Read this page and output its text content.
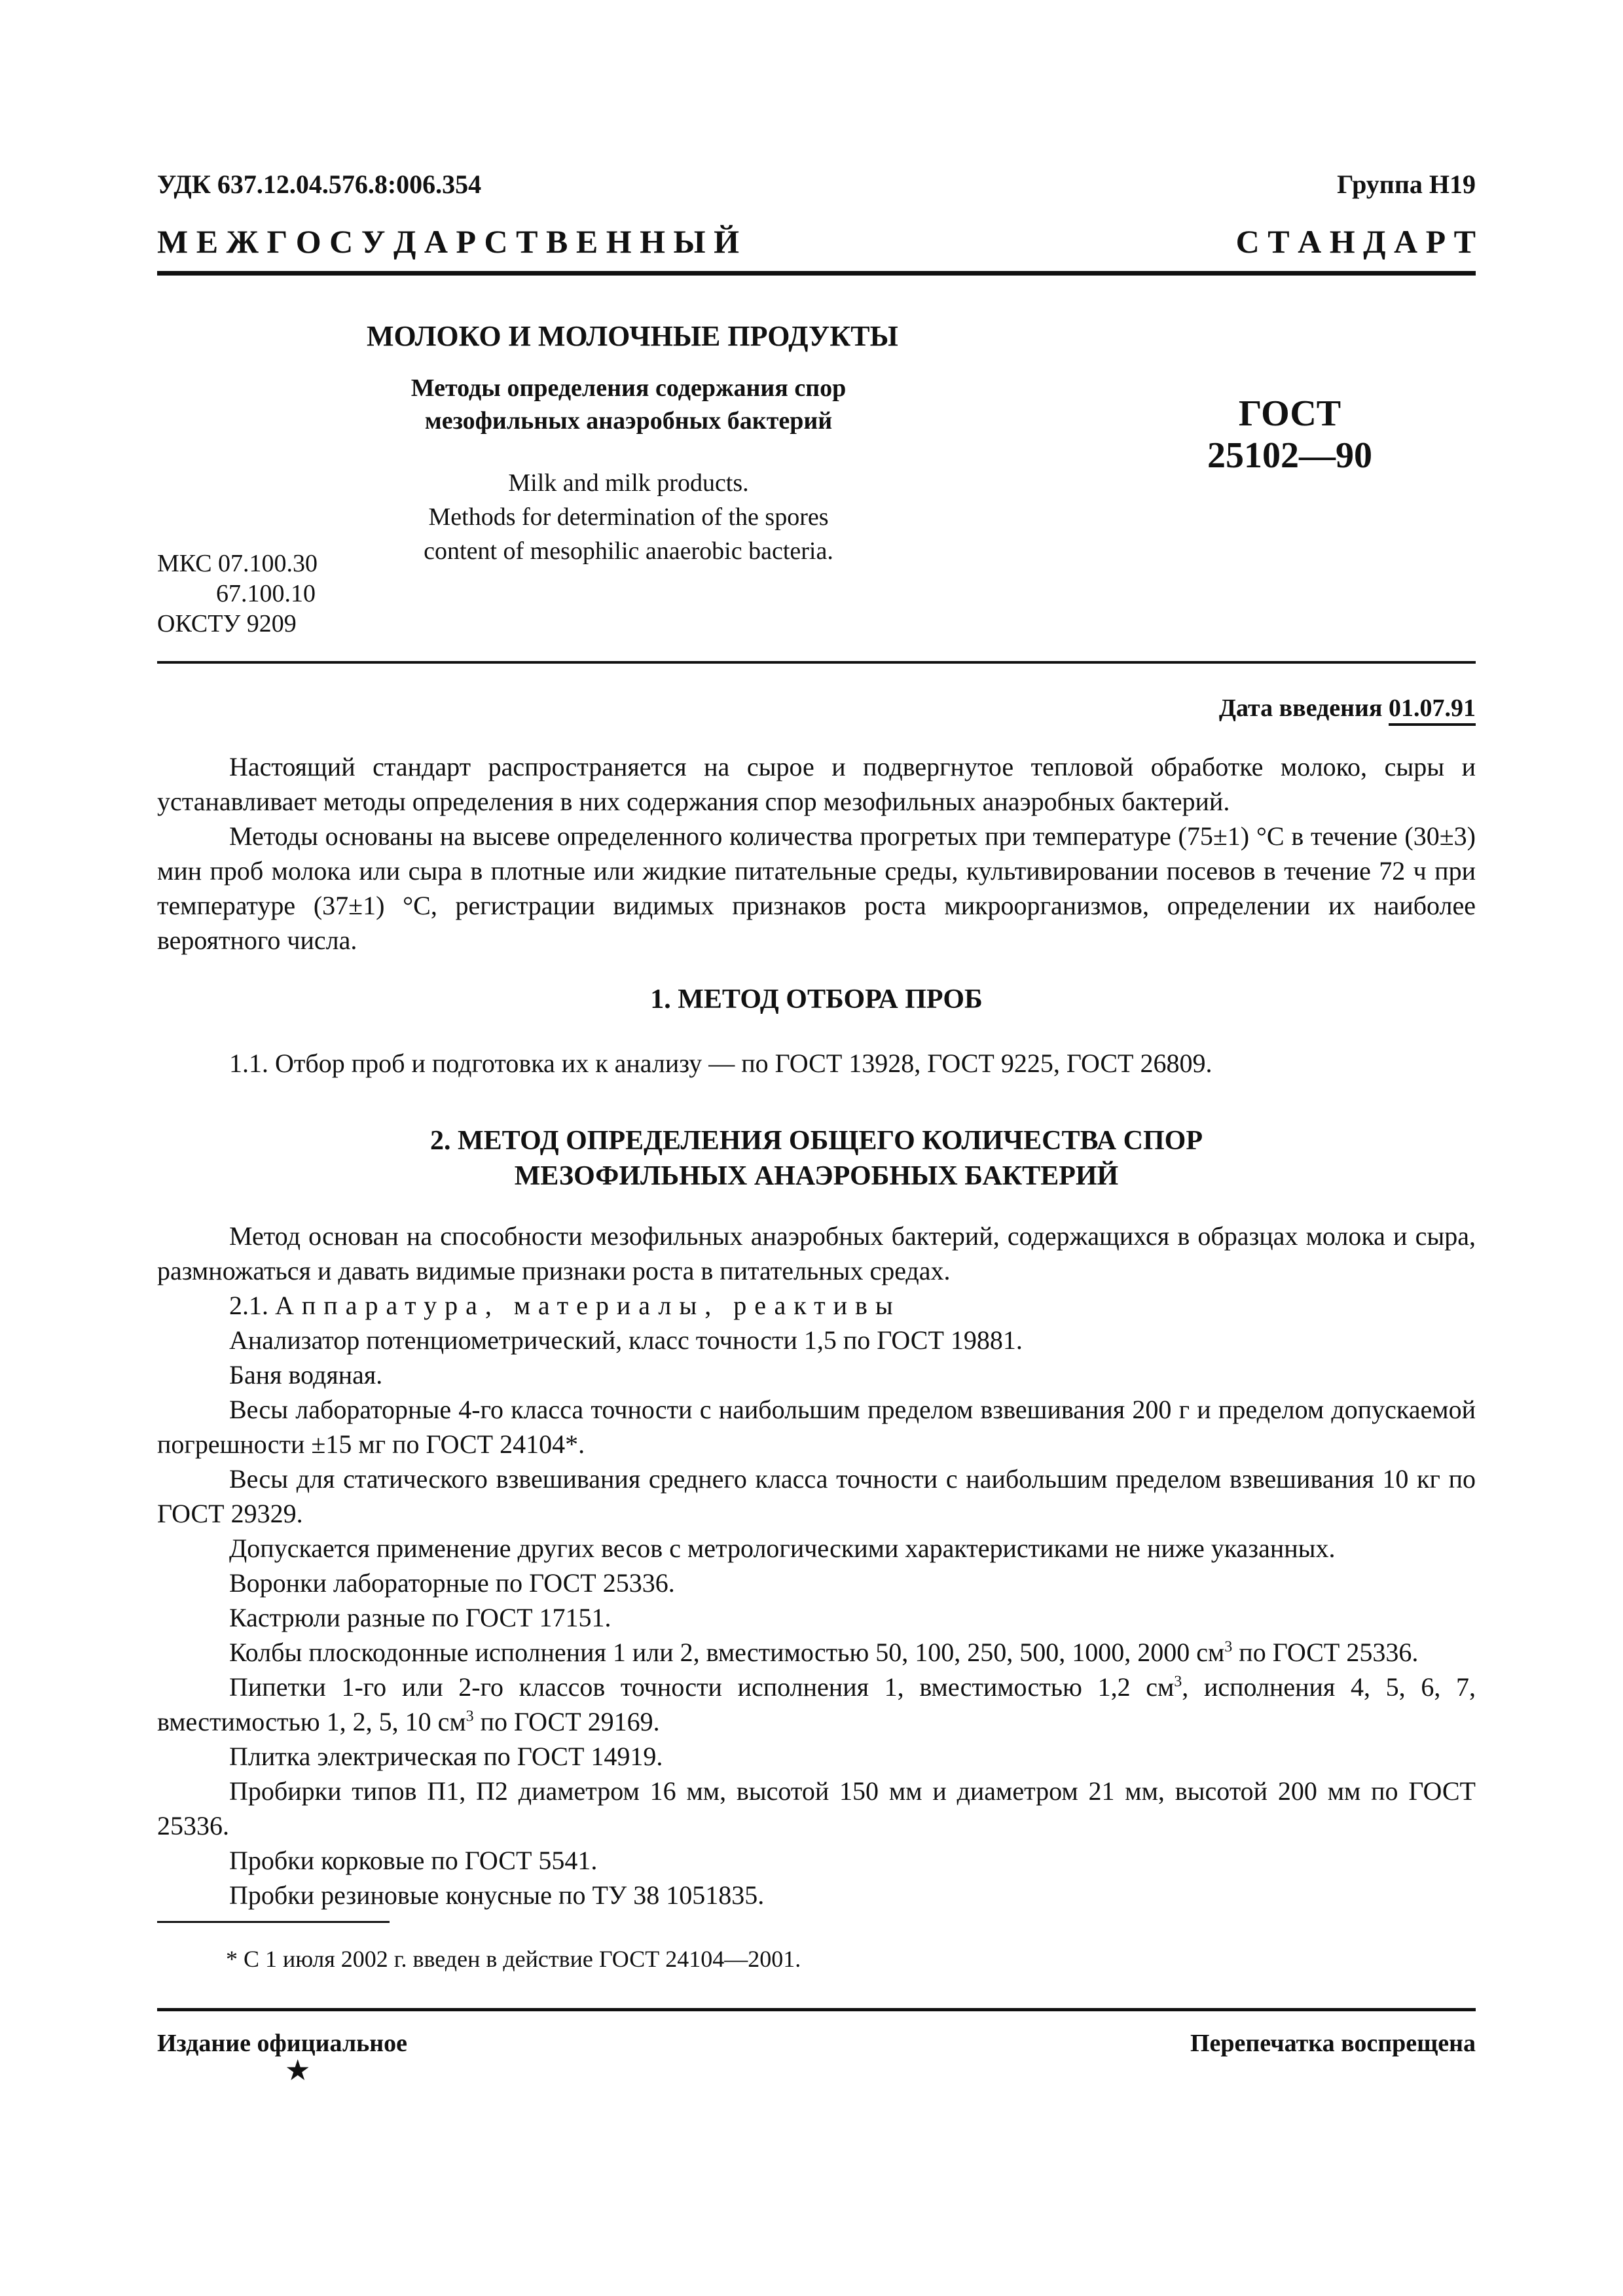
УДК 637.12.04.576.8:006.354	Группа Н19
М Е Ж Г О С У Д А Р С Т В Е Н Н Ы Й	С Т А Н Д А Р Т
МОЛОКО И МОЛОЧНЫЕ ПРОДУКТЫ
Методы определения содержания спор
мезофильных анаэробных бактерий
Milk and milk products.
Methods for determination of the spores
content of mesophilic anaerobic bacteria.
ГОСТ
25102—90
МКС 07.100.30
67.100.10
ОКСТУ 9209
Дата введения 01.07.91

Настоящий стандарт распространяется на сырое и подвергнутое тепловой обработке молоко, сыры и устанавливает методы определения в них содержания спор мезофильных анаэробных бактерий.

Методы основаны на высеве определенного количества прогретых при температуре (75±1) °С в течение (30±3) мин проб молока или сыра в плотные или жидкие питательные среды, культивировании посевов в течение 72 ч при температуре (37±1) °С, регистрации видимых признаков роста микроорганизмов, определении их наиболее вероятного числа.

1. МЕТОД ОТБОРА ПРОБ

1.1. Отбор проб и подготовка их к анализу — по ГОСТ 13928, ГОСТ 9225, ГОСТ 26809.

2. МЕТОД ОПРЕДЕЛЕНИЯ ОБЩЕГО КОЛИЧЕСТВА СПОР
МЕЗОФИЛЬНЫХ АНАЭРОБНЫХ БАКТЕРИЙ

Метод основан на способности мезофильных анаэробных бактерий, содержащихся в образцах молока и сыра, размножаться и давать видимые признаки роста в питательных средах.

2.1. Аппаратура, материалы, реактивы

Анализатор потенциометрический, класс точности 1,5 по ГОСТ 19881.

Баня водяная.

Весы лабораторные 4-го класса точности с наибольшим пределом взвешивания 200 г и пределом допускаемой погрешности ±15 мг по ГОСТ 24104*.

Весы для статического взвешивания среднего класса точности с наибольшим пределом взвешивания 10 кг по ГОСТ 29329.

Допускается применение других весов с метрологическими характеристиками не ниже указанных.

Воронки лабораторные по ГОСТ 25336.

Кастрюли разные по ГОСТ 17151.

Колбы плоскодонные исполнения 1 или 2, вместимостью 50, 100, 250, 500, 1000, 2000 $см^3$ по ГОСТ 25336.

Пипетки 1-го или 2-го классов точности исполнения 1, вместимостью 1,2 $см^3$, исполнения 4, 5, 6, 7, вместимостью 1, 2, 5, 10 $см^3$ по ГОСТ 29169.

Плитка электрическая по ГОСТ 14919.

Пробирки типов П1, П2 диаметром 16 мм, высотой 150 мм и диаметром 21 мм, высотой 200 мм по ГОСТ 25336.

Пробки корковые по ГОСТ 5541.

Пробки резиновые конусные по ТУ 38 1051835.

* С 1 июля 2002 г. введен в действие ГОСТ 24104—2001.
Издание официальное
★
Перепечатка воспрещена
